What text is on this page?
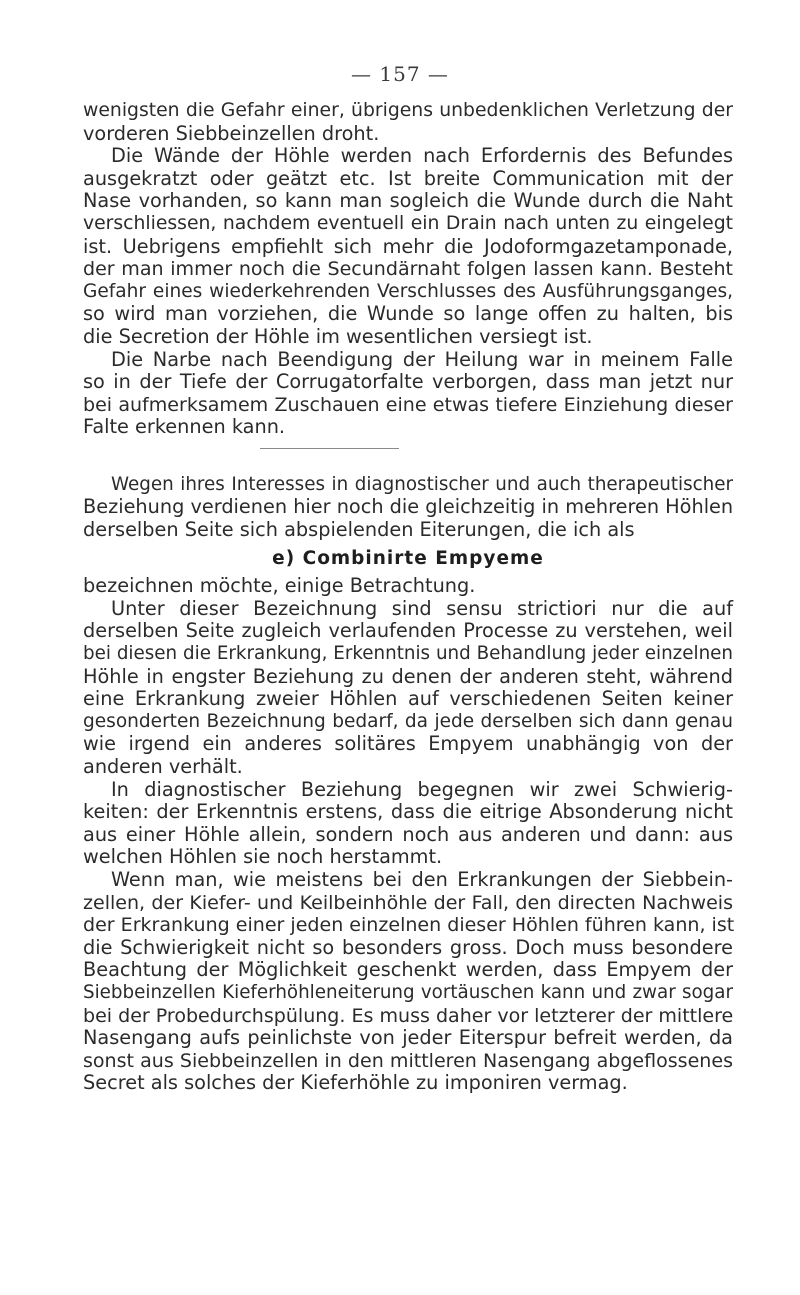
— 157 —
wenigsten die Gefahr einer, übrigens unbedenklichen Verletzung der
vorderen Siebbeinzellen droht.
Die Wände der Höhle werden nach Erfordernis des Befundes
ausgekratzt oder geätzt etc. Ist breite Communication mit der
Nase vorhanden, so kann man sogleich die Wunde durch die Naht
verschliessen, nachdem eventuell ein Drain nach unten zu eingelegt
ist. Uebrigens empfiehlt sich mehr die Jodoformgazetamponade,
der man immer noch die Secundärnaht folgen lassen kann. Besteht
Gefahr eines wiederkehrenden Verschlusses des Ausführungsganges,
so wird man vorziehen, die Wunde so lange offen zu halten, bis
die Secretion der Höhle im wesentlichen versiegt ist.
Die Narbe nach Beendigung der Heilung war in meinem Falle
so in der Tiefe der Corrugatorfalte verborgen, dass man jetzt nur
bei aufmerksamem Zuschauen eine etwas tiefere Einziehung dieser
Falte erkennen kann.
Wegen ihres Interesses in diagnostischer und auch therapeutischer
Beziehung verdienen hier noch die gleichzeitig in mehreren Höhlen
derselben Seite sich abspielenden Eiterungen, die ich als
e) Combinirte Empyeme
bezeichnen möchte, einige Betrachtung.
Unter dieser Bezeichnung sind sensu strictiori nur die auf
derselben Seite zugleich verlaufenden Processe zu verstehen, weil
bei diesen die Erkrankung, Erkenntnis und Behandlung jeder einzelnen
Höhle in engster Beziehung zu denen der anderen steht, während
eine Erkrankung zweier Höhlen auf verschiedenen Seiten keiner
gesonderten Bezeichnung bedarf, da jede derselben sich dann genau
wie irgend ein anderes solitäres Empyem unabhängig von der
anderen verhält.
In diagnostischer Beziehung begegnen wir zwei Schwierig-
keiten: der Erkenntnis erstens, dass die eitrige Absonderung nicht
aus einer Höhle allein, sondern noch aus anderen und dann: aus
welchen Höhlen sie noch herstammt.
Wenn man, wie meistens bei den Erkrankungen der Siebbein-
zellen, der Kiefer- und Keilbeinhöhle der Fall, den directen Nachweis
der Erkrankung einer jeden einzelnen dieser Höhlen führen kann, ist
die Schwierigkeit nicht so besonders gross. Doch muss besondere
Beachtung der Möglichkeit geschenkt werden, dass Empyem der
Siebbeinzellen Kieferhöhleneiterung vortäuschen kann und zwar sogar
bei der Probedurchspülung. Es muss daher vor letzterer der mittlere
Nasengang aufs peinlichste von jeder Eiterspur befreit werden, da
sonst aus Siebbeinzellen in den mittleren Nasengang abgeflossenes
Secret als solches der Kieferhöhle zu imponiren vermag.
